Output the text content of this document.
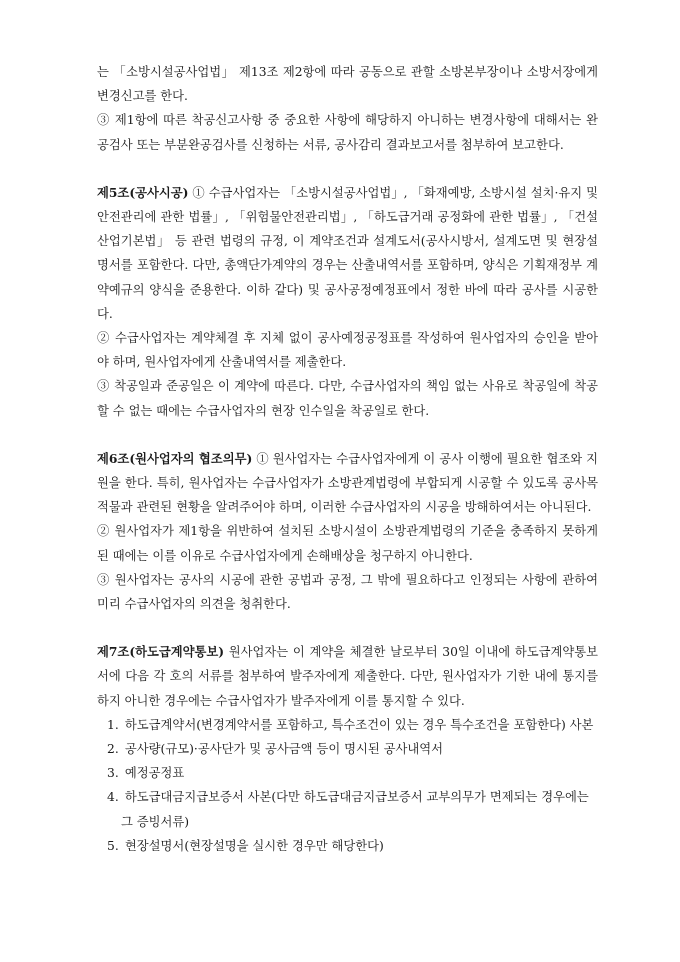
는 「소방시설공사업법」 제13조 제2항에 따라 공동으로 관할 소방본부장이나 소방서장에게 변경신고를 한다.

③ 제1항에 따른 착공신고사항 중 중요한 사항에 해당하지 아니하는 변경사항에 대해서는 완공검사 또는 부분완공검사를 신청하는 서류, 공사감리 결과보고서를 첨부하여 보고한다.

제5조(공사시공) ① 수급사업자는 「소방시설공사업법」, 「화재예방, 소방시설 설치·유지 및 안전관리에 관한 법률」, 「위험물안전관리법」, 「하도급거래 공정화에 관한 법률」, 「건설산업기본법」 등 관련 법령의 규정, 이 계약조건과 설계도서(공사시방서, 설계도면 및 현장설명서를 포함한다. 다만, 총액단가계약의 경우는 산출내역서를 포함하며, 양식은 기획재정부 계약예규의 양식을 준용한다. 이하 같다) 및 공사공정예정표에서 정한 바에 따라 공사를 시공한다.

② 수급사업자는 계약체결 후 지체 없이 공사예정공정표를 작성하여 원사업자의 승인을 받아야 하며, 원사업자에게 산출내역서를 제출한다.

③ 착공일과 준공일은 이 계약에 따른다. 다만, 수급사업자의 책임 없는 사유로 착공일에 착공할 수 없는 때에는 수급사업자의 현장 인수일을 착공일로 한다.

제6조(원사업자의 협조의무) ① 원사업자는 수급사업자에게 이 공사 이행에 필요한 협조와 지원을 한다. 특히, 원사업자는 수급사업자가 소방관계법령에 부합되게 시공할 수 있도록 공사목적물과 관련된 현황을 알려주어야 하며, 이러한 수급사업자의 시공을 방해하여서는 아니된다.

② 원사업자가 제1항을 위반하여 설치된 소방시설이 소방관계법령의 기준을 충족하지 못하게 된 때에는 이를 이유로 수급사업자에게 손해배상을 청구하지 아니한다.

③ 원사업자는 공사의 시공에 관한 공법과 공정, 그 밖에 필요하다고 인정되는 사항에 관하여 미리 수급사업자의 의견을 청취한다.

제7조(하도급계약통보) 원사업자는 이 계약을 체결한 날로부터 30일 이내에 하도급계약통보서에 다음 각 호의 서류를 첨부하여 발주자에게 제출한다. 다만, 원사업자가 기한 내에 통지를 하지 아니한 경우에는 수급사업자가 발주자에게 이를 통지할 수 있다.

1. 하도급계약서(변경계약서를 포함하고, 특수조건이 있는 경우 특수조건을 포함한다) 사본
2. 공사량(규모)·공사단가 및 공사금액 등이 명시된 공사내역서
3. 예정공정표
4. 하도급대금지급보증서 사본(다만 하도급대금지급보증서 교부의무가 면제되는 경우에는 그 증빙서류)
5. 현장설명서(현장설명을 실시한 경우만 해당한다)
